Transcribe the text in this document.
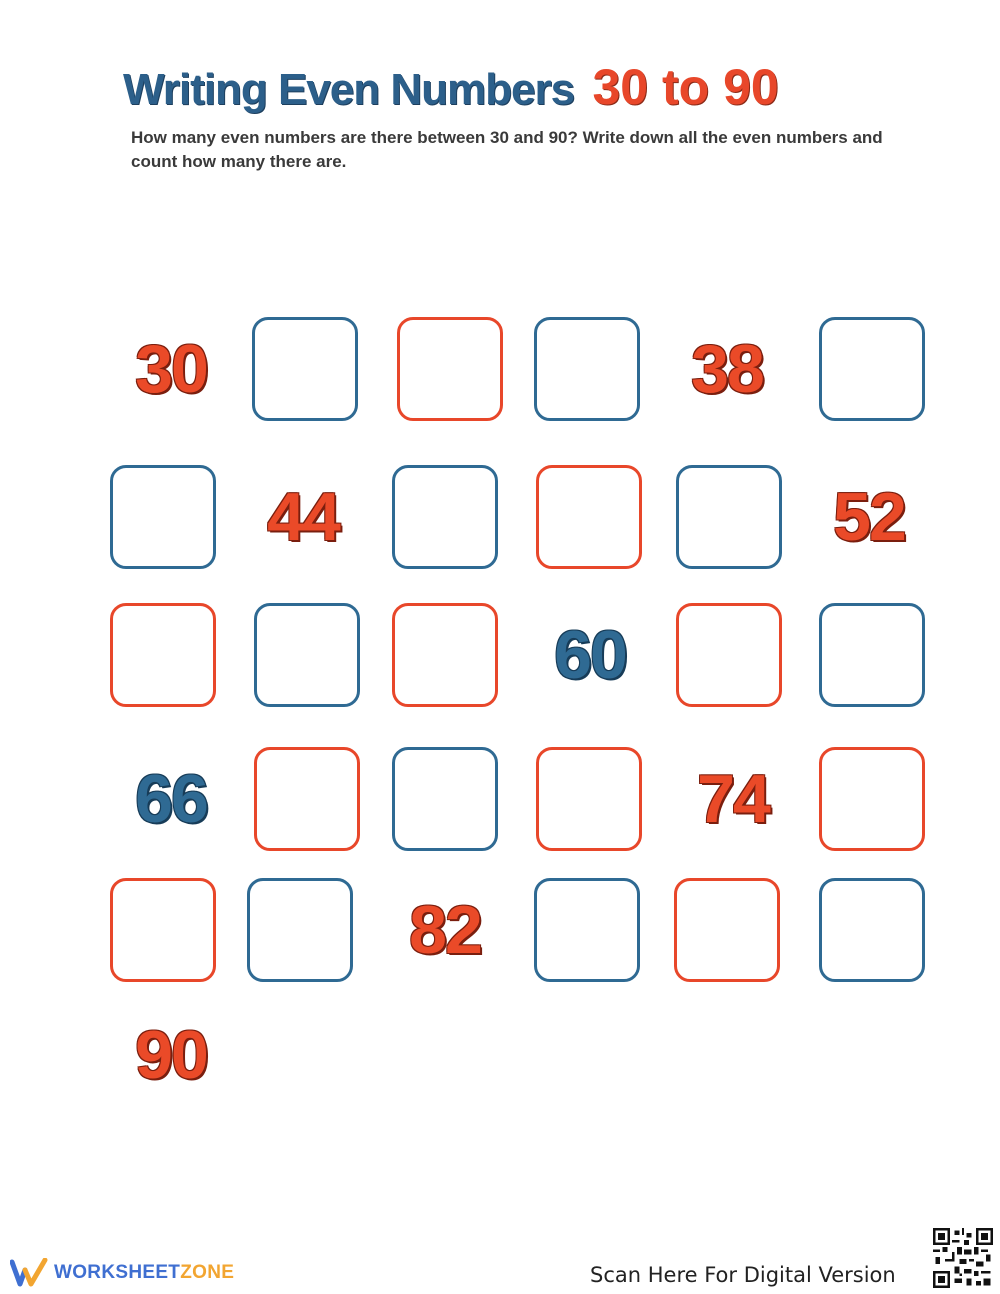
Writing Even Numbers 30 to 90
How many even numbers are there between 30 and 90? Write down all the even numbers and count how many there are.
30	38
44	52
60
66	74
82
90
WORKSHEETZONE	Scan Here For Digital Version
